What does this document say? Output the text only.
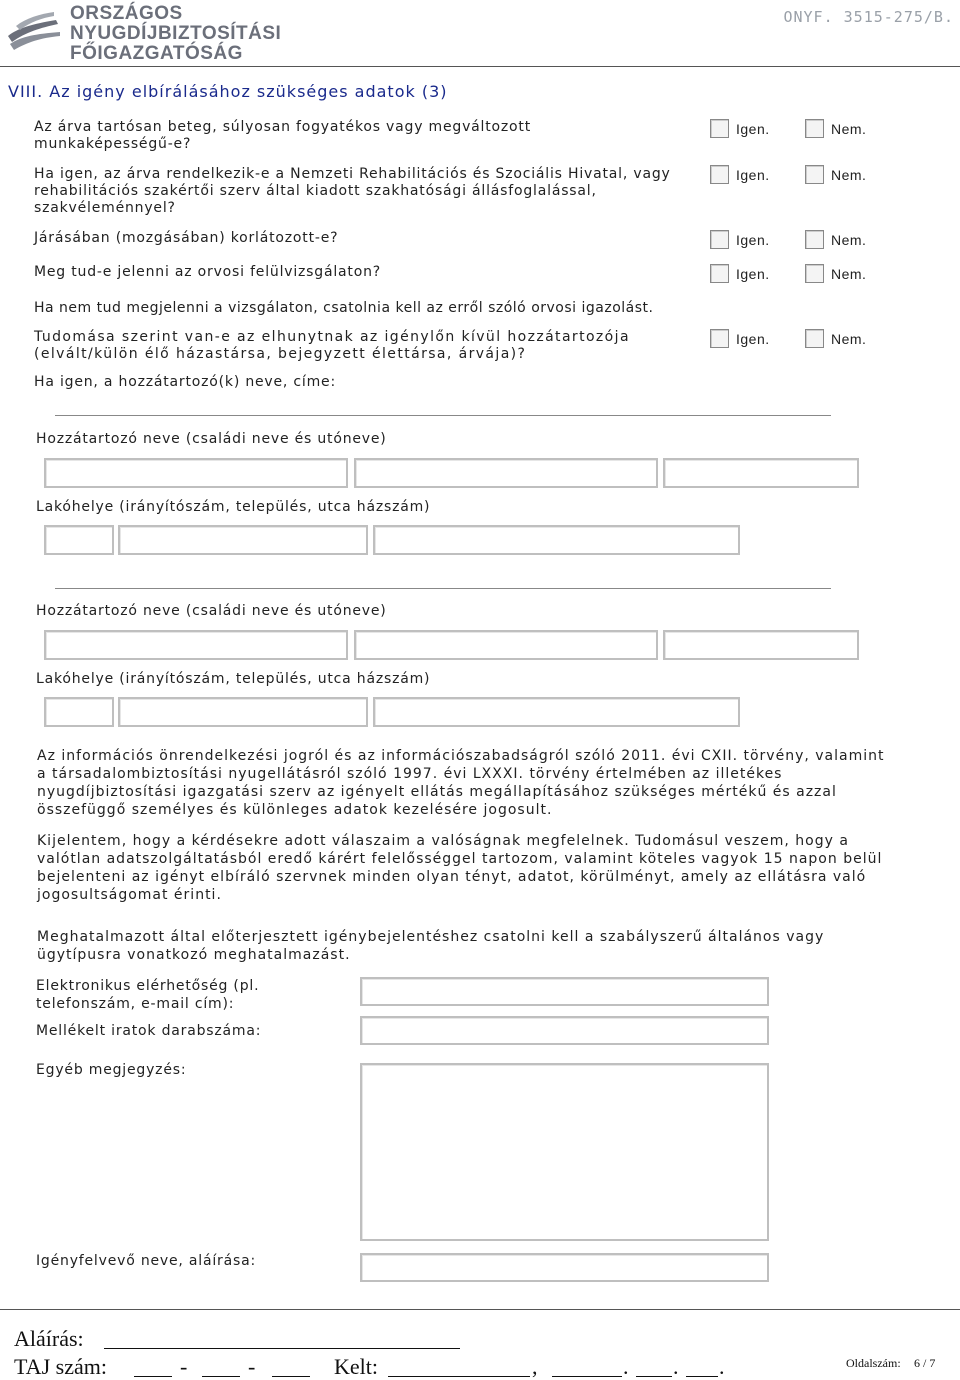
ORSZÁGOS
NYUGDÍJBIZTOSÍTÁSI
FŐIGAZGATÓSÁG
ONYF. 3515-275/B.
VIII. Az igény elbírálásához szükséges adatok (3)
Az árva tartósan beteg, súlyosan fogyatékos vagy megváltozott munkaképességű-e?
Igen.	Nem.
Ha igen, az árva rendelkezik-e a Nemzeti Rehabilitációs és Szociális Hivatal, vagy rehabilitációs szakértői szerv által kiadott szakhatósági állásfoglalással, szakvéleménnyel?
Igen.	Nem.
Járásában (mozgásában) korlátozott-e?	Igen.	Nem.
Meg tud-e jelenni az orvosi felülvizsgálaton?	Igen.	Nem.
Ha nem tud megjelenni a vizsgálaton, csatolnia kell az erről szóló orvosi igazolást.
Tudomása szerint van-e az elhunytnak az igénylőn kívül hozzátartozója (elvált/külön élő házastársa, bejegyzett élettársa, árvája)?
Igen.	Nem.
Ha igen, a hozzátartozó(k) neve, címe:
Hozzátartozó neve (családi neve és utóneve)
Lakóhelye (irányítószám, település, utca házszám)
Hozzátartozó neve (családi neve és utóneve)
Lakóhelye (irányítószám, település, utca házszám)
Az információs önrendelkezési jogról és az információszabadságról szóló 2011. évi CXII. törvény, valamint a társadalombiztosítási nyugellátásról szóló 1997. évi LXXXI. törvény értelmében az illetékes nyugdíjbiztosítási igazgatási szerv az igényelt ellátás megállapításához szükséges mértékű és azzal összefüggő személyes és különleges adatok kezelésére jogosult.
Kijelentem, hogy a kérdésekre adott válaszaim a valóságnak megfelelnek. Tudomásul veszem, hogy a valótlan adatszolgáltatásból eredő kárért felelősséggel tartozom, valamint köteles vagyok 15 napon belül bejelenteni az igényt elbíráló szervnek minden olyan tényt, adatot, körülményt, amely az ellátásra való jogosultságomat érinti.
Meghatalmazott által előterjesztett igénybejelentéshez csatolni kell a szabályszerű általános vagy ügytípusra vonatkozó meghatalmazást.
Elektronikus elérhetőség (pl. telefonszám, e-mail cím):
Mellékelt iratok darabszáma:
Egyéb megjegyzés:
Igényfelvevő neve, aláírása:
Aláírás:
TAJ szám:	-	-	Kelt:	,	. . .	Oldalszám: 6 / 7
